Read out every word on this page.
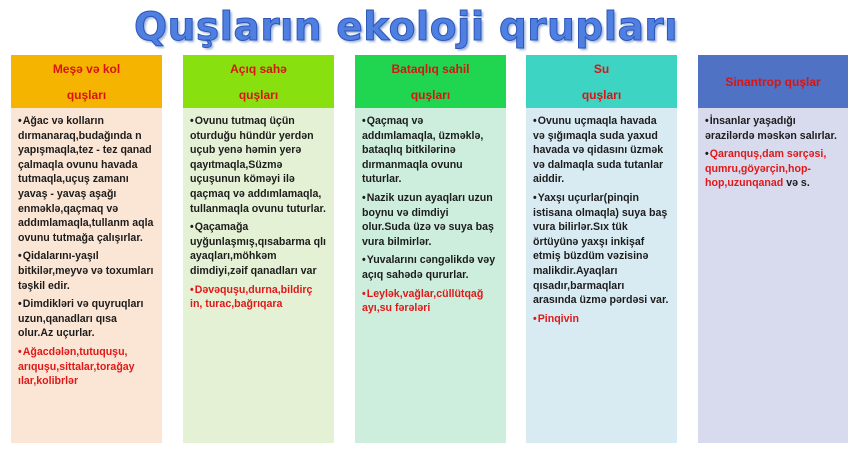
Quşların ekoloji qrupları
Meşə və kol
quşları
• Ağac və kolların dırmanaraq,budağında n yapışmaqla,tez - tez qanad çalmaqla ovunu havada tutmaqla,uçuş zamanı yavaş - yavaş aşağı enməklə,qaçmaq və addımlamaqla,tullanm aqla ovunu tutmağa çalışırlar.
• Qidalarını-yaşıl bitkilər,meyvə və toxumları təşkil edir.
• Dimdikləri və quyruqları uzun,qanadları qısa olur.Az uçurlar.
• Ağacdələn,tutuquşu, arıquşu,sittalar,torağay ılar,kolibrlər
Açıq sahə
quşları
• Ovunu tutmaq üçün oturduğu hündür yerdən uçub yenə həmin yerə qayıtmaqla,Süzmə uçuşunun köməyi ilə qaçmaq və addımlamaqla, tullanmaqla ovunu tuturlar.
• Qaçamağa uyğunlaşmış,qısabarma qlı ayaqları,möhkəm dimdiyi,zəif qanadları var
• Dəvəquşu,durna,bildirç in, turac,bağrıqara
Bataqlıq sahil
quşları
• Qaçmaq və addımlamaqla, üzməklə, bataqlıq bitkilərinə dırmanmaqla ovunu tuturlar.
• Nazik uzun ayaqları uzun boynu və dimdiyi olur.Suda üzə və suya baş vura bilmirlər.
• Yuvalarını cəngəlikdə vəy açıq sahədə qururlar.
• Leylək,vağlar,cüllütqağ ayı,su fərələri
Su
quşları
• Ovunu uçmaqla havada və şığımaqla suda yaxud havada və qidasını üzmək və dalmaqla suda tutanlar aiddir.
• Yaxşı uçurlar(pinqin istisana olmaqla) suya baş vura bilirlər.Sıx tük örtüyünə yaxşı inkişaf etmiş büzdüm vəzisinə malikdir.Ayaqları qısadır,barmaqları arasında üzmə pərdəsi var.
• Pinqivin
Sinantrop quşlar
• İnsanlar yaşadığı ərazilərdə məskən salırlar.
• Qaranquş,dam sərçəsi, qumru,göyərçin,hop-hop,uzunqanad və s.
